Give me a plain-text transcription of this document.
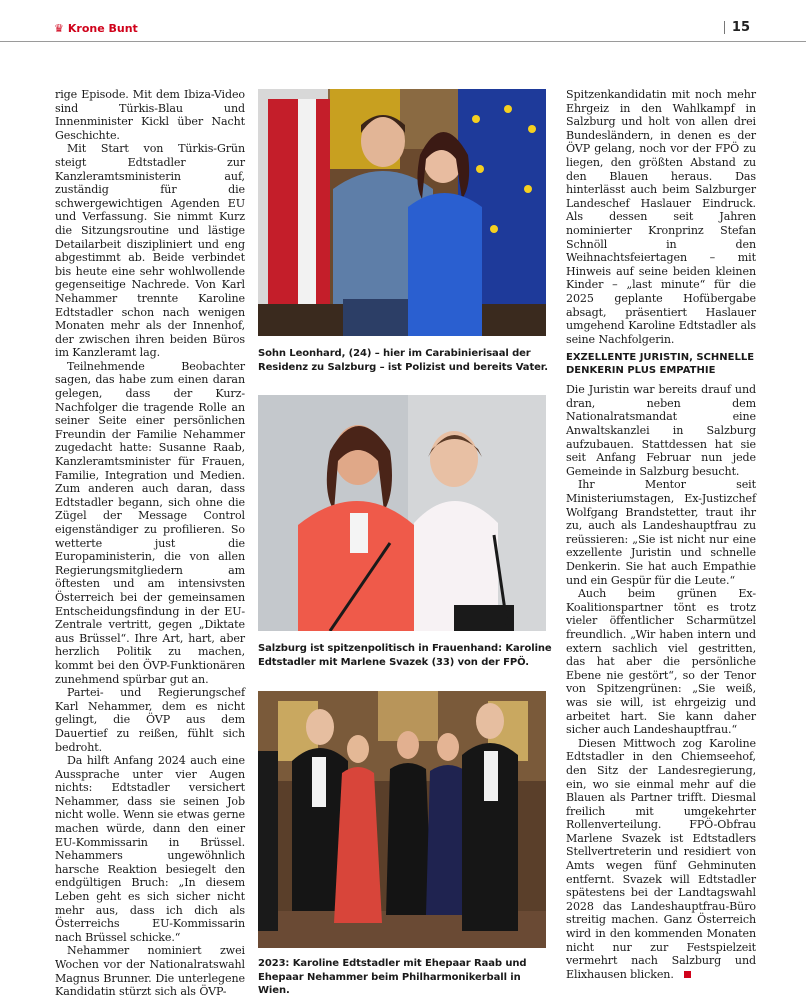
♛ Krone Bunt	15

rige Episode. Mit dem Ibiza-Video sind Türkis-Blau und Innenminister Kickl über Nacht Geschichte.

Mit Start von Türkis-Grün steigt Edtstadler zur Kanzleramtsministerin auf, zuständig für die schwergewichtigen Agenden EU und Verfassung. Sie nimmt Kurz die Sitzungsroutine und lästige Detailarbeit diszipliniert und eng abgestimmt ab. Beide verbindet bis heute eine sehr wohlwollende gegenseitige Nachrede. Von Karl Nehammer trennte Karoline Edtstadler schon nach wenigen Monaten mehr als der Innenhof, der zwischen ihren beiden Büros im Kanzleramt lag.

Teilnehmende Beobachter sagen, das habe zum einen daran gelegen, dass der Kurz-Nachfolger die tragende Rolle an seiner Seite einer persönlichen Freundin der Familie Nehammer zugedacht hatte: Susanne Raab, Kanzleramtsminister für Frauen, Familie, Integration und Medien. Zum anderen auch daran, dass Edtstadler begann, sich ohne die Zügel der Message Control eigenständiger zu profilieren. So wetterte just die Europaministerin, die von allen Regierungsmitgliedern am öftesten und am intensivsten Österreich bei der gemeinsamen Entscheidungsfindung in der EU-Zentrale vertritt, gegen „Diktate aus Brüssel“. Ihre Art, hart, aber herzlich Politik zu machen, kommt bei den ÖVP-Funktionären zunehmend spürbar gut an.

Partei- und Regierungschef Karl Nehammer, dem es nicht gelingt, die ÖVP aus dem Dauertief zu reißen, fühlt sich bedroht.

Da hilft Anfang 2024 auch eine Aussprache unter vier Augen nichts: Edtstadler versichert Nehammer, dass sie seinen Job nicht wolle. Wenn sie etwas gerne machen würde, dann den einer EU-Kommissarin in Brüssel. Nehammers ungewöhnlich harsche Reaktion besiegelt den endgültigen Bruch: „In diesem Leben geht es sich sicher nicht mehr aus, dass ich dich als Österreichs EU-Kommissarin nach Brüssel schicke.“

Nehammer nominiert zwei Wochen vor der Nationalratswahl Magnus Brunner. Die unterlegene Kandidatin stürzt sich als ÖVP-

Sohn Leonhard, (24) – hier im Carabinierisaal der Residenz zu Salzburg – ist Polizist und bereits Vater.
Salzburg ist spitzenpolitisch in Frauenhand: Karoline Edtstadler mit Marlene Svazek (33) von der FPÖ.
2023: Karoline Edtstadler mit Ehepaar Raab und Ehepaar Nehammer beim Philharmonikerball in Wien.

Spitzenkandidatin mit noch mehr Ehrgeiz in den Wahlkampf in Salzburg und holt von allen drei Bundesländern, in denen es der ÖVP gelang, noch vor der FPÖ zu liegen, den größten Abstand zu den Blauen heraus. Das hinterlässt auch beim Salzburger Landeschef Haslauer Eindruck. Als dessen seit Jahren nominierter Kronprinz Stefan Schnöll in den Weihnachtsfeiertagen – mit Hinweis auf seine beiden kleinen Kinder – „last minute“ für die 2025 geplante Hofübergabe absagt, präsentiert Haslauer umgehend Karoline Edtstadler als seine Nachfolgerin.

EXZELLENTE JURISTIN, SCHNELLE DENKERIN PLUS EMPATHIE

Die Juristin war bereits drauf und dran, neben dem Nationalratsmandat eine Anwaltskanzlei in Salzburg aufzubauen. Stattdessen hat sie seit Anfang Februar nun jede Gemeinde in Salzburg besucht.

Ihr Mentor seit Ministeriumstagen, Ex-Justizchef Wolfgang Brandstetter, traut ihr zu, auch als Landeshauptfrau zu reüssieren: „Sie ist nicht nur eine exzellente Juristin und schnelle Denkerin. Sie hat auch Empathie und ein Gespür für die Leute.“

Auch beim grünen Ex-Koalitionspartner tönt es trotz vieler öffentlicher Scharmützel freundlich. „Wir haben intern und extern sachlich viel gestritten, das hat aber die persönliche Ebene nie gestört“, so der Tenor von Spitzengrünen: „Sie weiß, was sie will, ist ehrgeizig und arbeitet hart. Sie kann daher sicher auch Landeshauptfrau.“

Diesen Mittwoch zog Karoline Edtstadler in den Chiemseehof, den Sitz der Landesregierung, ein, wo sie einmal mehr auf die Blauen als Partner trifft. Diesmal freilich mit umgekehrter Rollenverteilung. FPÖ-Obfrau Marlene Svazek ist Edtstadlers Stellvertreterin und residiert von Amts wegen fünf Gehminuten entfernt. Svazek will Edtstadler spätestens bei der Landtagswahl 2028 das Landeshauptfrau-Büro streitig machen. Ganz Österreich wird in den kommenden Monaten nicht nur zur Festspielzeit vermehrt nach Salzburg und Elixhausen blicken.
